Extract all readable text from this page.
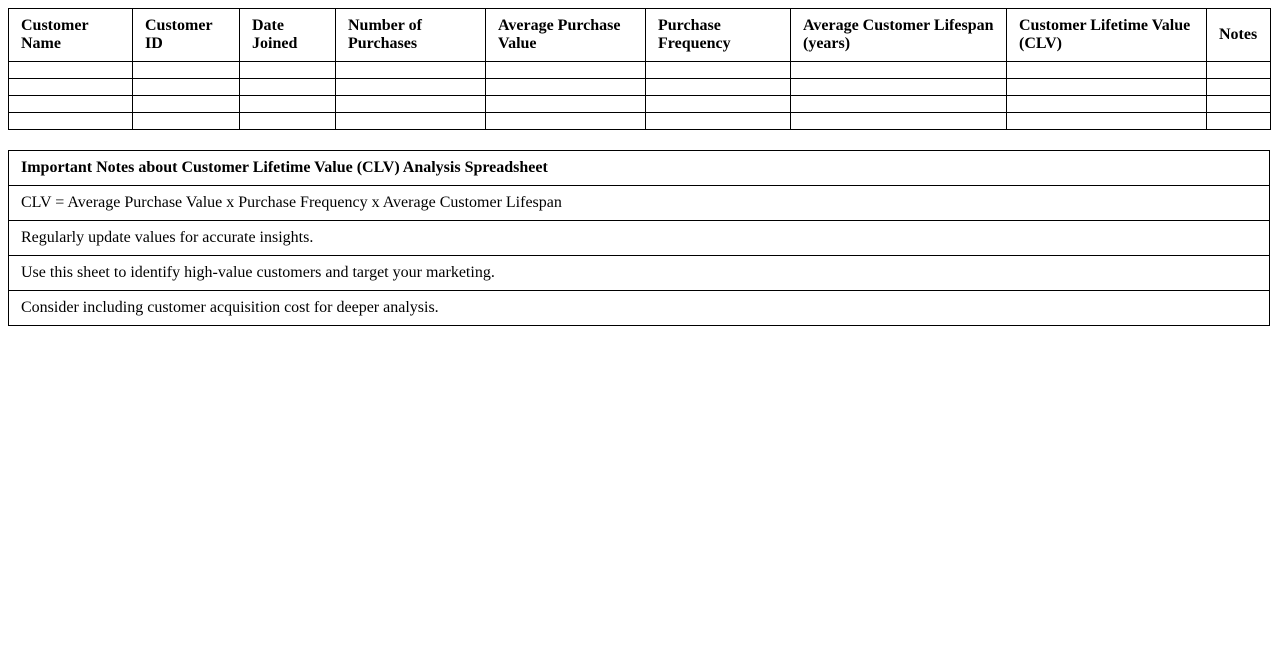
Customer Name	Customer ID	Date Joined	Number of Purchases	Average Purchase Value	Purchase Frequency	Average Customer Lifespan (years)	Customer Lifetime Value (CLV)	Notes

Important Notes about Customer Lifetime Value (CLV) Analysis Spreadsheet
CLV = Average Purchase Value x Purchase Frequency x Average Customer Lifespan
Regularly update values for accurate insights.
Use this sheet to identify high-value customers and target your marketing.
Consider including customer acquisition cost for deeper analysis.
